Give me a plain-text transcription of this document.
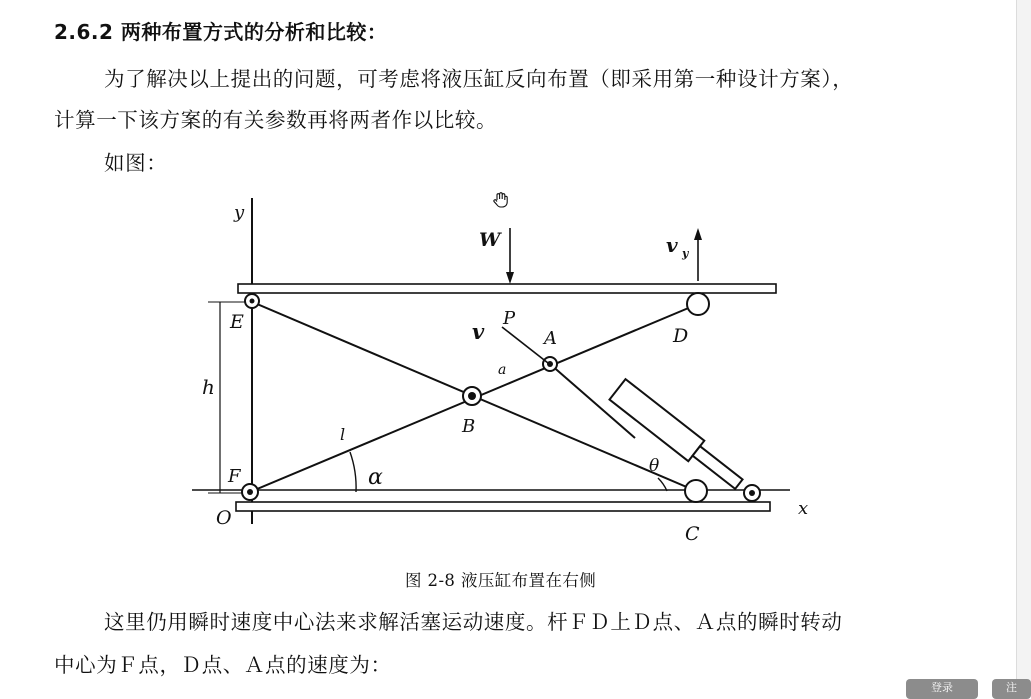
2.6.2 两种布置方式的分析和比较：
为了解决以上提出的问题，可考虑将液压缸反向布置（即采用第一种设计方案），
计算一下该方案的有关参数再将两者作以比较。
如图：
y
x
W	v y
E
D
P
v	A
a
h
B
l
F	α	θ
O
C
图 2-8 液压缸布置在右侧
这里仍用瞬时速度中心法来求解活塞运动速度。杆ＦＤ上Ｄ点、Ａ点的瞬时转动
中心为Ｆ点，Ｄ点、Ａ点的速度为：
登录	注
